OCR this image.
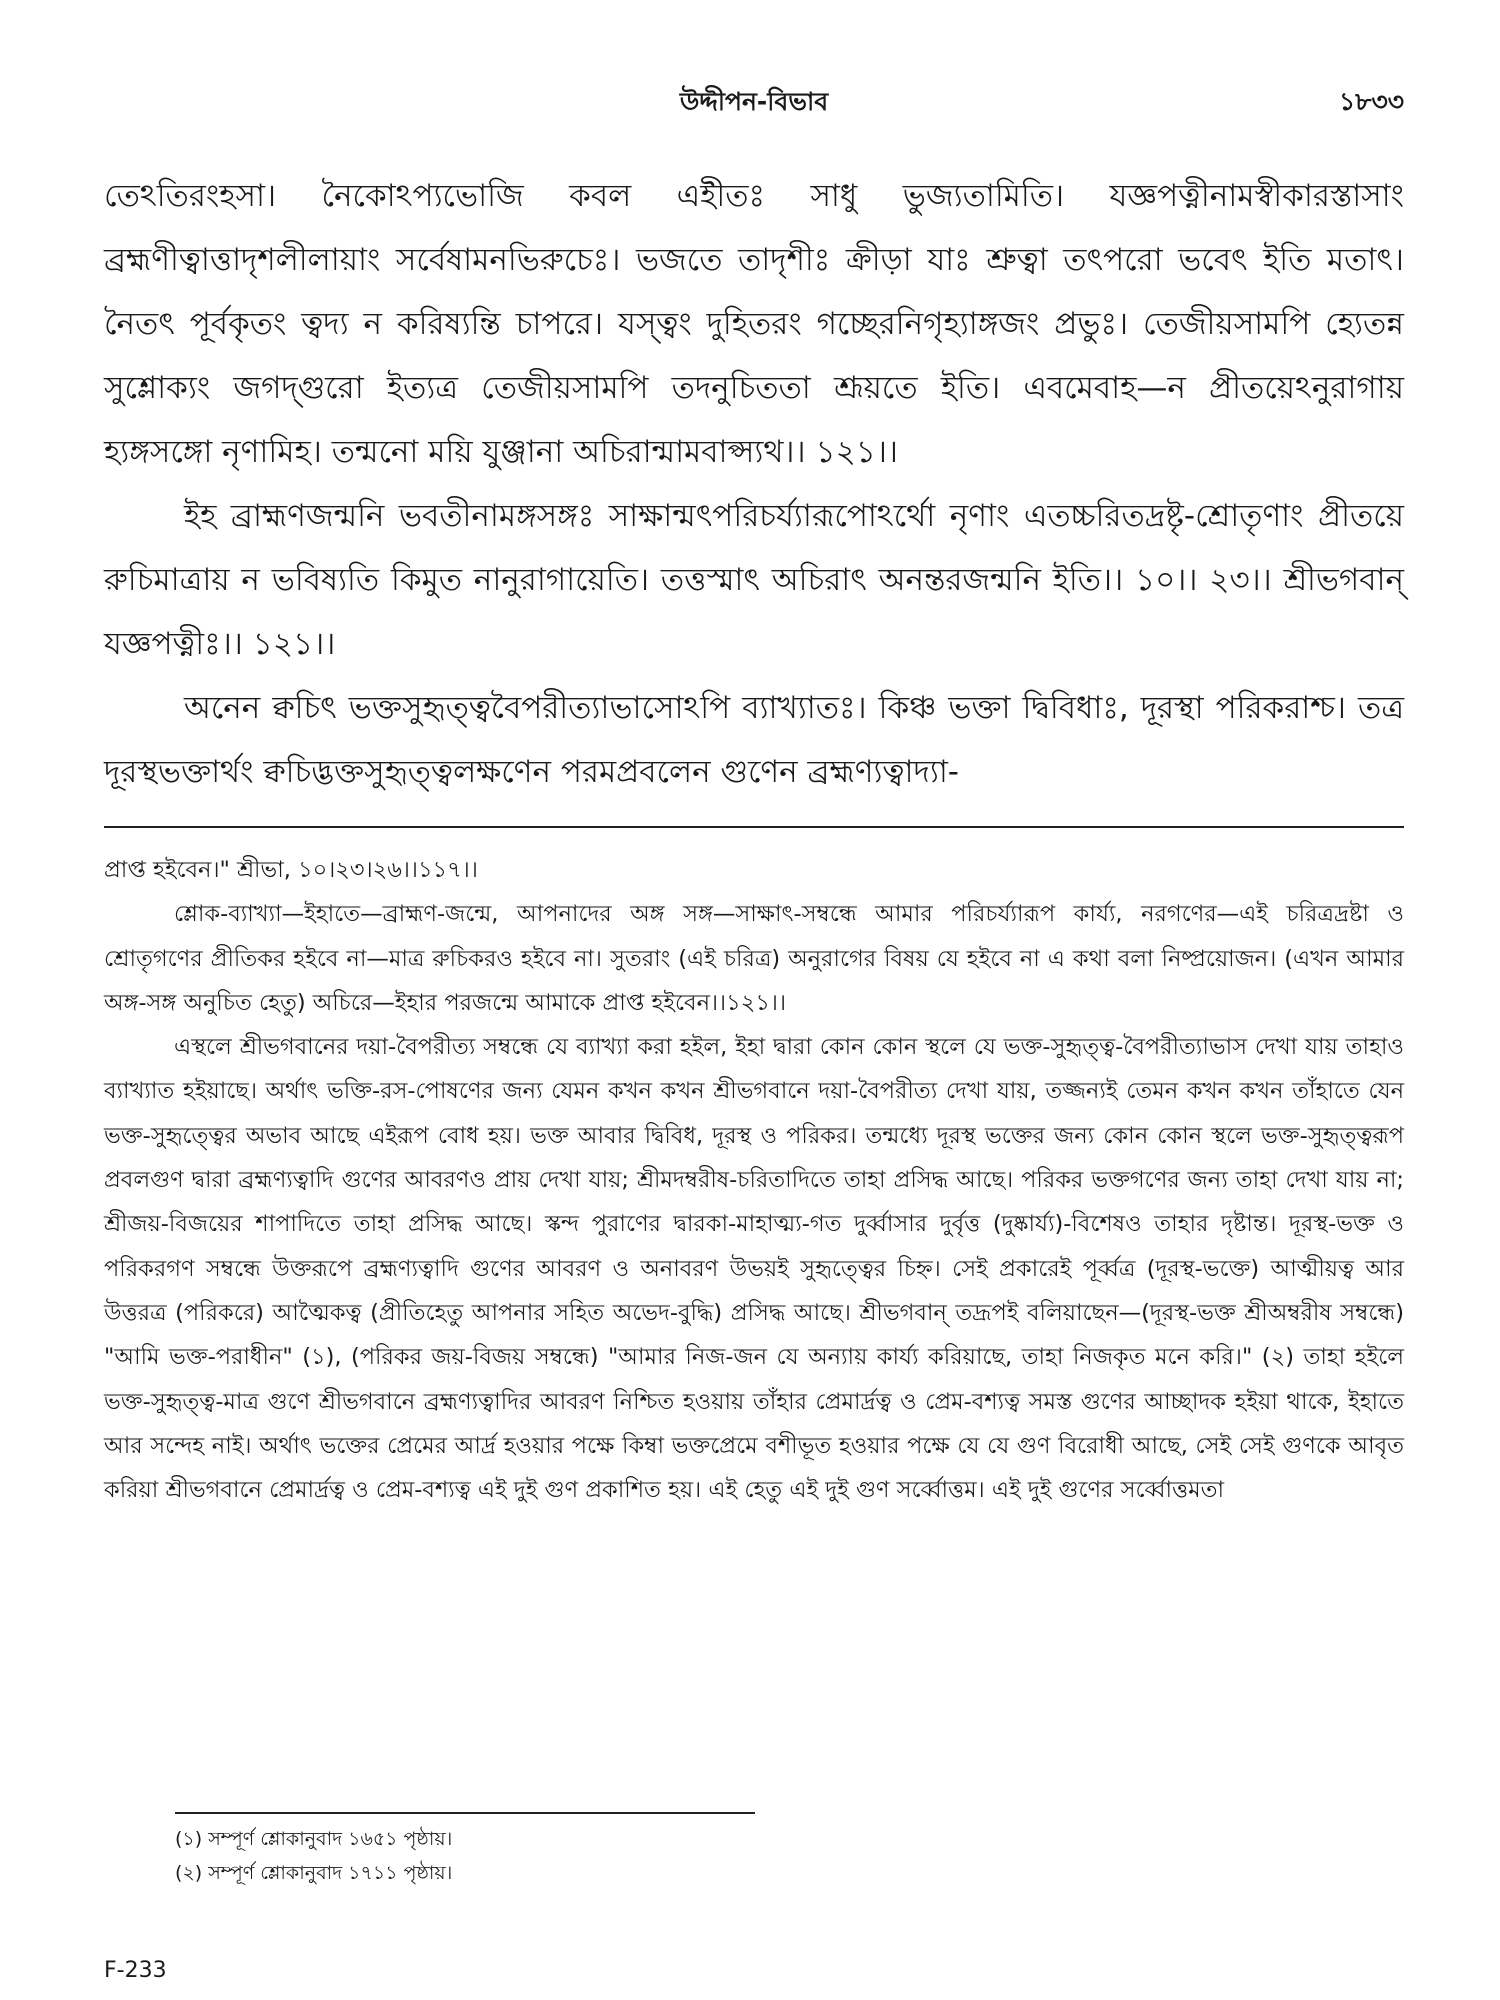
উদ্দীপন-বিভাব	১৮৩৩

তেঽতিরংহসা। নৈকোঽপ্যভোজি কবল এইীতঃ সাধু ভুজ্যতামিতি। যজ্ঞপত্নীনামস্বীকারস্তাসাং ব্রহ্মণীত্বাত্তাদৃশলীলায়াং সর্বেষামনভিরুচেঃ। ভজতে তাদৃশীঃ ক্রীড়া যাঃ শ্রুত্বা তৎপরো ভবেৎ ইতি মতাৎ। নৈতৎ পূর্বকৃতং ত্বদ্য ন করিষ্যন্তি চাপরে। যস্ত্বং দুহিতরং গচ্ছেরনিগৃহ্যাঙ্গজং প্রভুঃ। তেজীয়সামপি হ্যেতন্ন সুশ্লোক্যং জগদ্গুরো ইত্যত্র তেজীয়সামপি তদনুচিততা শ্রূয়তে ইতি। এবমেবাহ—ন প্রীতয়েঽনুরাগায় হ্যঙ্গসঙ্গো নৃণামিহ। তন্মনো ময়ি যুঞ্জানা অচিরান্মামবাপ্স্যথ।। ১২১।।

ইহ ব্রাহ্মণজন্মনি ভবতীনামঙ্গসঙ্গঃ সাক্ষান্মৎপরিচর্য্যারূপোঽর্থো নৃণাং এতচ্চরিতদ্রষ্টৃ-শ্রোতৃণাং প্রীতয়ে রুচিমাত্রায় ন ভবিষ্যতি কিমুত নানুরাগায়েতি। তত্তস্মাৎ অচিরাৎ অনন্তরজন্মনি ইতি।। ১০।। ২৩।। শ্রীভগবান্ যজ্ঞপত্নীঃ।। ১২১।।

অনেন ক্বচিৎ ভক্তসুহৃত্ত্ববৈপরীত্যাভাসোঽপি ব্যাখ্যাতঃ। কিঞ্চ ভক্তা দ্বিবিধাঃ, দূরস্থা পরিকরাশ্চ। তত্র দূরস্থভক্তার্থং ক্বচিদ্ভক্তসুহৃত্ত্বলক্ষণেন পরমপ্রবলেন গুণেন ব্রহ্মণ্যত্বাদ্যা-

প্রাপ্ত হইবেন।" শ্রীভা, ১০।২৩।২৬।।১১৭।।

শ্লোক-ব্যাখ্যা—ইহাতে—ব্রাহ্মণ-জন্মে, আপনাদের অঙ্গ সঙ্গ—সাক্ষাৎ-সম্বন্ধে আমার পরিচর্য্যারূপ কার্য্য, নরগণের—এই চরিত্রদ্রষ্টা ও শ্রোতৃগণের প্রীতিকর হইবে না—মাত্র রুচিকরও হইবে না। সুতরাং (এই চরিত্র) অনুরাগের বিষয় যে হইবে না এ কথা বলা নিষ্প্রয়োজন। (এখন আমার অঙ্গ-সঙ্গ অনুচিত হেতু) অচিরে—ইহার পরজন্মে আমাকে প্রাপ্ত হইবেন।।১২১।।

এস্থলে শ্রীভগবানের দয়া-বৈপরীত্য সম্বন্ধে যে ব্যাখ্যা করা হইল, ইহা দ্বারা কোন কোন স্থলে যে ভক্ত-সুহৃত্ত্ব-বৈপরীত্যাভাস দেখা যায় তাহাও ব্যাখ্যাত হইয়াছে। অর্থাৎ ভক্তি-রস-পোষণের জন্য যেমন কখন কখন শ্রীভগবানে দয়া-বৈপরীত্য দেখা যায়, তজ্জন্যই তেমন কখন কখন তাঁহাতে যেন ভক্ত-সুহৃত্ত্বের অভাব আছে এইরূপ বোধ হয়। ভক্ত আবার দ্বিবিধ, দূরস্থ ও পরিকর। তন্মধ্যে দূরস্থ ভক্তের জন্য কোন কোন স্থলে ভক্ত-সুহৃত্ত্বরূপ প্রবলগুণ দ্বারা ব্রহ্মণ্যত্বাদি গুণের আবরণও প্রায় দেখা যায়; শ্রীমদম্বরীষ-চরিতাদিতে তাহা প্রসিদ্ধ আছে। পরিকর ভক্তগণের জন্য তাহা দেখা যায় না; শ্রীজয়-বিজয়ের শাপাদিতে তাহা প্রসিদ্ধ আছে। স্কন্দ পুরাণের দ্বারকা-মাহাত্ম্য-গত দুর্ব্বাসার দুর্বৃত্ত (দুষ্কার্য্য)-বিশেষও তাহার দৃষ্টান্ত। দূরস্থ-ভক্ত ও পরিকরগণ সম্বন্ধে উক্তরূপে ব্রহ্মণ্যত্বাদি গুণের আবরণ ও অনাবরণ উভয়ই সুহৃত্ত্বের চিহ্ন। সেই প্রকারেই পূর্ব্বত্র (দূরস্থ-ভক্তে) আত্মীয়ত্ব আর উত্তরত্র (পরিকরে) আত্মৈকত্ব (প্রীতিহেতু আপনার সহিত অভেদ-বুদ্ধি) প্রসিদ্ধ আছে। শ্রীভগবান্ তদ্রূপই বলিয়াছেন—(দূরস্থ-ভক্ত শ্রীঅম্বরীষ সম্বন্ধে) "আমি ভক্ত-পরাধীন" (১), (পরিকর জয়-বিজয় সম্বন্ধে) "আমার নিজ-জন যে অন্যায় কার্য্য করিয়াছে, তাহা নিজকৃত মনে করি।" (২) তাহা হইলে ভক্ত-সুহৃত্ত্ব-মাত্র গুণে শ্রীভগবানে ব্রহ্মণ্যত্বাদির আবরণ নিশ্চিত হওয়ায় তাঁহার প্রেমার্দ্রত্ব ও প্রেম-বশ্যত্ব সমস্ত গুণের আচ্ছাদক হইয়া থাকে, ইহাতে আর সন্দেহ নাই। অর্থাৎ ভক্তের প্রেমের আর্দ্র হওয়ার পক্ষে কিম্বা ভক্তপ্রেমে বশীভূত হওয়ার পক্ষে যে যে গুণ বিরোধী আছে, সেই সেই গুণকে আবৃত করিয়া শ্রীভগবানে প্রেমার্দ্রত্ব ও প্রেম-বশ্যত্ব এই দুই গুণ প্রকাশিত হয়। এই হেতু এই দুই গুণ সর্ব্বোত্তম। এই দুই গুণের সর্ব্বোত্তমতা

(১) সম্পূর্ণ শ্লোকানুবাদ ১৬৫১ পৃষ্ঠায়।
(২) সম্পূর্ণ শ্লোকানুবাদ ১৭১১ পৃষ্ঠায়।
F-233
